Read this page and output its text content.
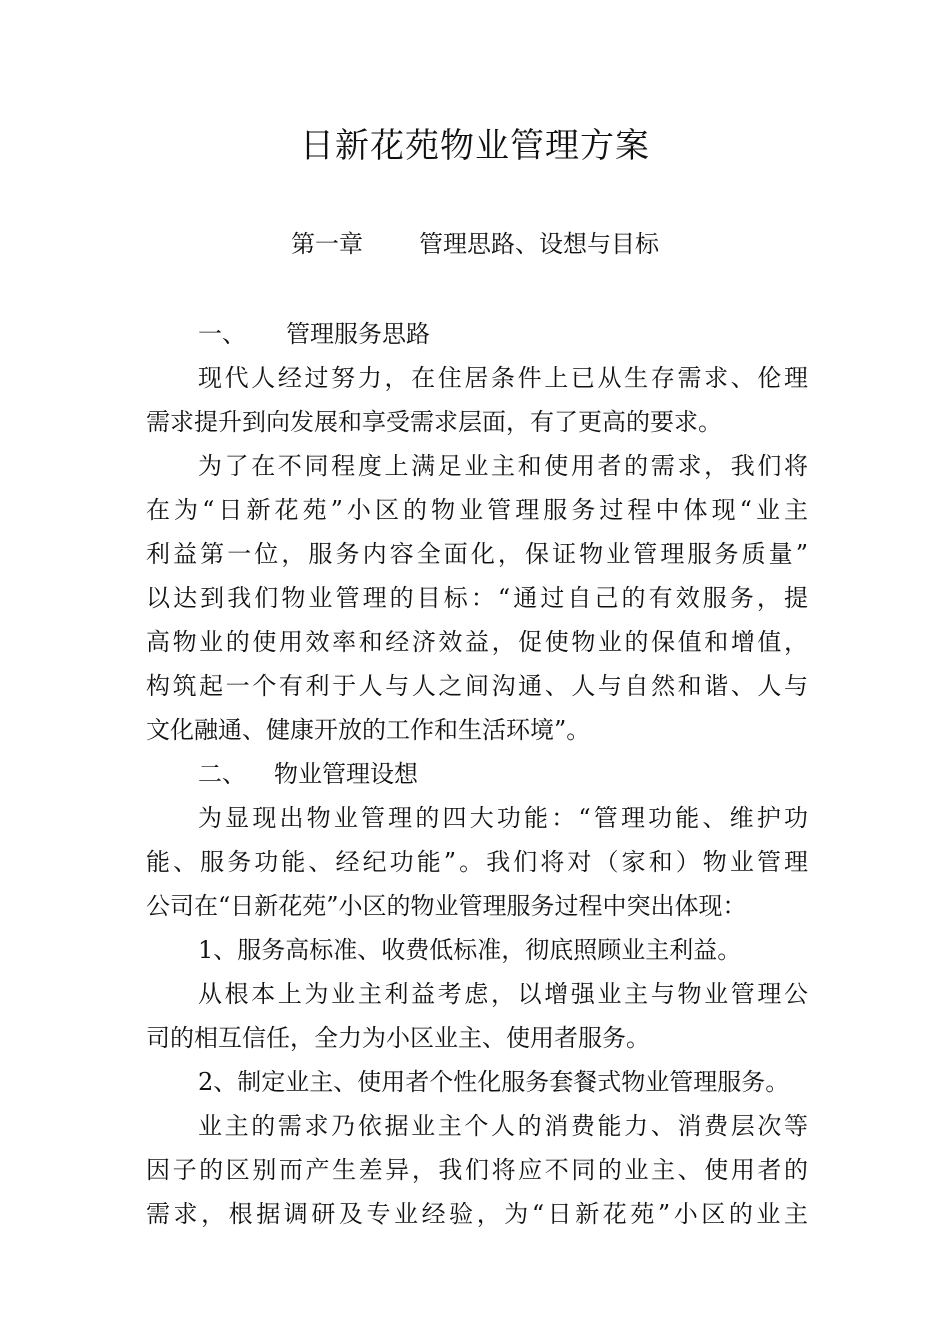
日新花苑物业管理方案
第一章 管理思路、设想与目标
一、 管理服务思路
现代人经过努力，在住居条件上已从生存需求、伦理
需求提升到向发展和享受需求层面，有了更高的要求。
为了在不同程度上满足业主和使用者的需求，我们将
在为“日新花苑”小区的物业管理服务过程中体现“业主
利益第一位，服务内容全面化，保证物业管理服务质量”
以达到我们物业管理的目标：“通过自己的有效服务，提
高物业的使用效率和经济效益，促使物业的保值和增值，
构筑起一个有利于人与人之间沟通、人与自然和谐、人与
文化融通、健康开放的工作和生活环境”。
二、 物业管理设想
为显现出物业管理的四大功能：“管理功能、维护功
能、服务功能、经纪功能”。我们将对（家和）物业管理
公司在“日新花苑”小区的物业管理服务过程中突出体现：
1、服务高标准、收费低标准，彻底照顾业主利益。
从根本上为业主利益考虑，以增强业主与物业管理公
司的相互信任，全力为小区业主、使用者服务。
2、制定业主、使用者个性化服务套餐式物业管理服务。
业主的需求乃依据业主个人的消费能力、消费层次等
因子的区别而产生差异，我们将应不同的业主、使用者的
需求，根据调研及专业经验，为“日新花苑”小区的业主
